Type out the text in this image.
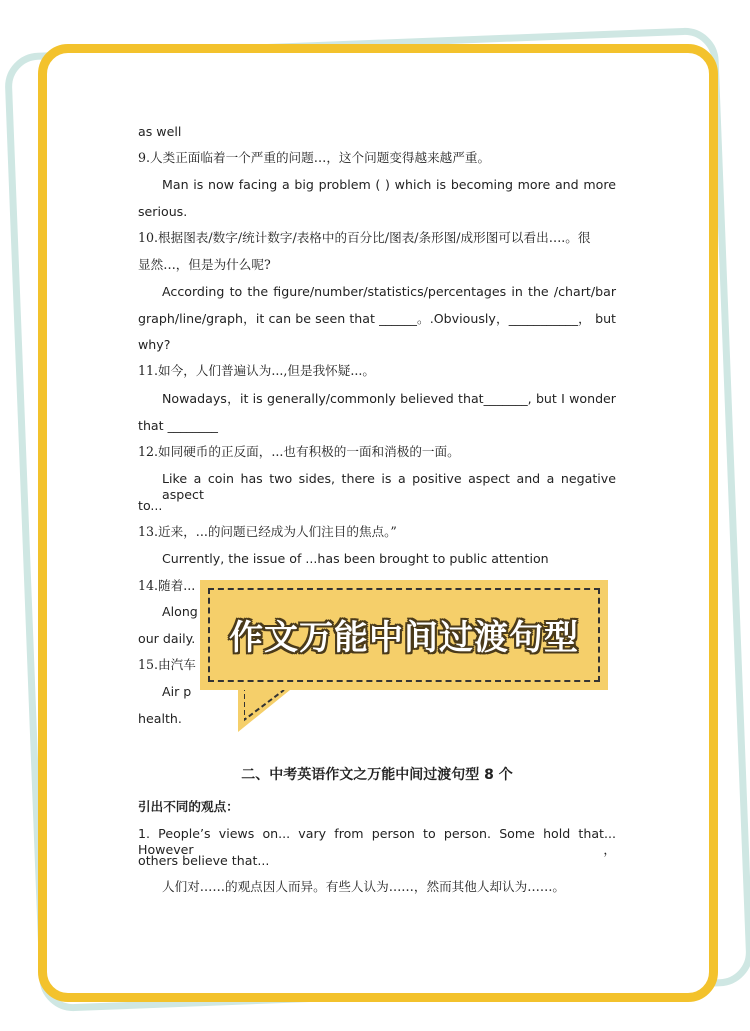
as well
9.人类正面临着一个严重的问题…，这个问题变得越来越严重。
Man is now facing a big problem ( ) which is becoming more and more
serious.
10.根据图表/数字/统计数字/表格中的百分比/图表/条形图/成形图可以看出….。很
显然…，但是为什么呢?
According to the figure/number/statistics/percentages in the /chart/bar
graph/line/graph，it can be seen that ______。.Obviously，___________， but
why?
11.如今，人们普遍认为...,但是我怀疑...。
Nowadays，it is generally/commonly believed that_______, but I wonder
that ________
12.如同硬币的正反面，...也有积极的一面和消极的一面。
Like a coin has two sides, there is a positive aspect and a negative aspect
to...
13.近来，...的问题已经成为人们注目的焦点。”
Currently, the issue of ...has been brought to public attention
14.随着...
Along
our daily.
15.由汽车
Air p
health.
二、中考英语作文之万能中间过渡句型 8 个
引出不同的观点：
1. People’s views on... vary from person to person. Some hold that... However，
others believe that...
人们对……的观点因人而异。有些人认为……，然而其他人却认为……。
作文万能中间过渡句型
